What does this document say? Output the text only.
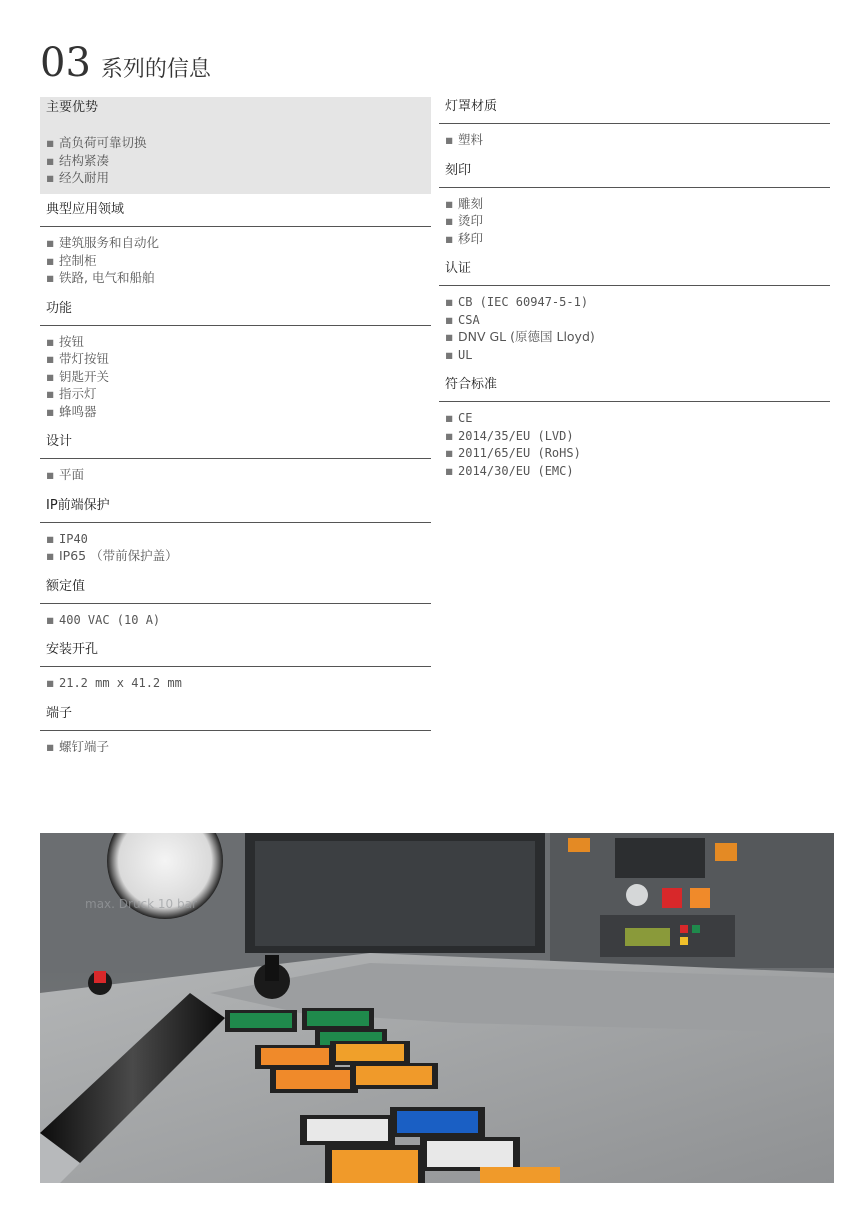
03 系列的信息
主要优势
▪ 高负荷可靠切换
▪ 结构紧凑
▪ 经久耐用
典型应用领域
▪ 建筑服务和自动化
▪ 控制柜
▪ 铁路, 电气和船舶
功能
▪ 按钮
▪ 带灯按钮
▪ 钥匙开关
▪ 指示灯
▪ 蜂鸣器
设计
▪ 平面
IP前端保护
▪ IP40
▪ IP65 （带前保护盖）
额定值
▪ 400 VAC (10 A)
安装开孔
▪ 21.2 mm x 41.2 mm
端子
▪ 螺钉端子
灯罩材质
▪ 塑料
刻印
▪ 雕刻
▪ 烫印
▪ 移印
认证
▪ CB (IEC 60947-5-1)
▪ CSA
▪ DNV GL (原德国 Lloyd)
▪ UL
符合标准
▪ CE
▪ 2014/35/EU (LVD)
▪ 2011/65/EU (RoHS)
▪ 2014/30/EU (EMC)
max. Druck 10 bar
